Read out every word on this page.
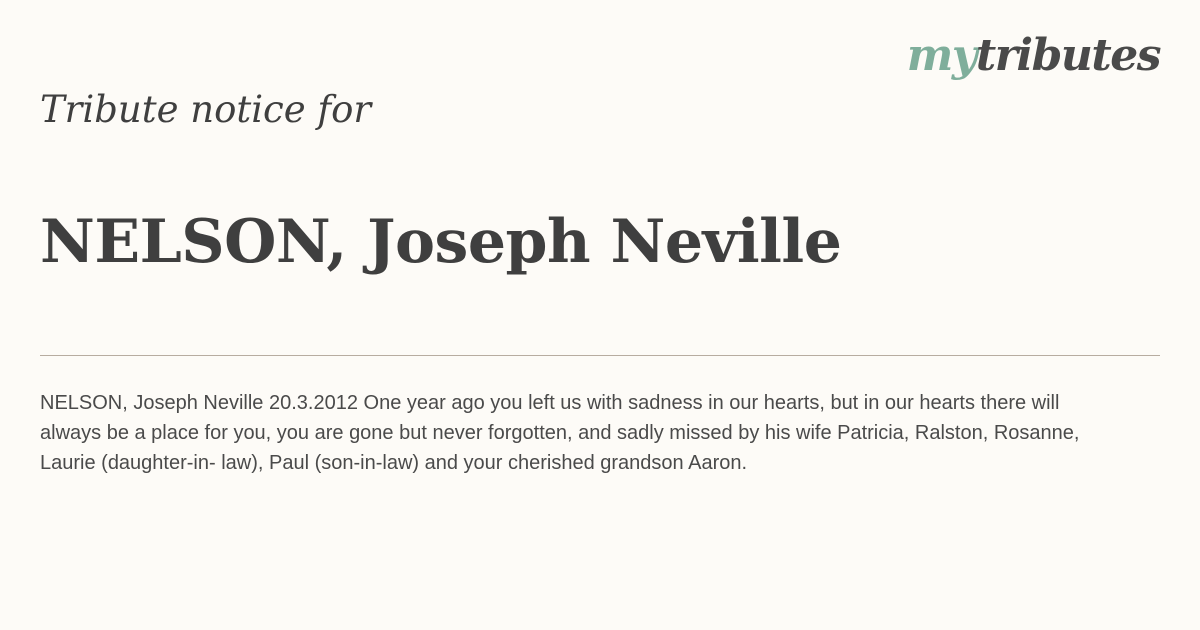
mytributes
Tribute notice for
NELSON, Joseph Neville

NELSON, Joseph Neville 20.3.2012 One year ago you left us with sadness in our hearts, but in our hearts there will always be a place for you, you are gone but never forgotten, and sadly missed by his wife Patricia, Ralston, Rosanne, Laurie (daughter-in- law), Paul (son-in-law) and your cherished grandson Aaron.
